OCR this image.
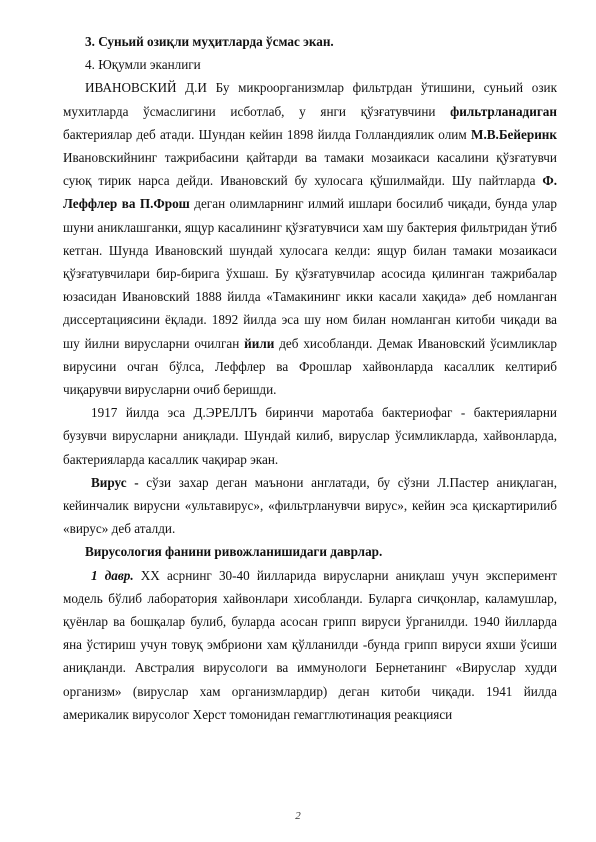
3. Суньий озиқли муҳитларда ўсмас экан.

4. Юқумли эканлиги

ИВАНОВСКИЙ Д.И Бу микроорганизмлар фильтрдан ўтишини, суньий озик мухитларда ўсмаслигини исботлаб, у янги қўзғатувчини фильтрланадиган бактериялар деб атади. Шундан кейин 1898 йилда Голландиялик олим М.В.Бейеринк Ивановскийнинг тажрибасини қайтарди ва тамаки мозаикаси касалини қўзғатувчи суюқ тирик нарса дейди. Ивановский бу хулосага қўшилмайди. Шу пайтларда Ф. Леффлер ва П.Фрош деган олимларнинг илмий ишлари босилиб чиқади, бунда улар шуни аниклашганки, ящур касалининг қўзғатувчиси хам шу бактерия фильтридан ўтиб кетган. Шунда Ивановский шундай хулосага келди: ящур билан тамаки мозаикаси қўзғатувчилари бир-бирига ўхшаш. Бу қўзғатувчилар асосида қилинган тажрибалар юзасидан Ивановский 1888 йилда «Тамакининг икки касали хақида» деб номланган диссертациясини ёқлади. 1892 йилда эса шу ном билан номланган китоби чиқади ва шу йилни вирусларни очилган йили деб хисобланди. Демак Ивановский ўсимликлар вирусини очган бўлса, Леффлер ва Фрошлар хайвонларда касаллик келтириб чиқарувчи вирусларни очиб беришди.

1917 йилда эса Д.ЭРЕЛЛЪ биринчи маротаба бактериофаг - бактерияларни бузувчи вирусларни аниқлади. Шундай килиб, вируслар ўсимликларда, хайвонларда, бактерияларда касаллик чақирар экан.

Вирус - сўзи захар деган маънони англатади, бу сўзни Л.Пастер аниқлаган, кейинчалик вирусни «ультавирус», «фильтрланувчи вирус», кейин эса қискартирилиб «вирус» деб аталди.

Вирусология фанини ривожланишидаги даврлар.

1 давр. XX асрнинг 30-40 йилларида вирусларни аниқлаш учун эксперимент модель бўлиб лаборатория хайвонлари хисобланди. Буларга сичқонлар, каламушлар, қуёнлар ва бошқалар булиб, буларда асосан грипп вируси ўрганилди. 1940 йилларда яна ўстириш учун товуқ эмбриони хам қўлланилди -бунда грипп вируси яхши ўсиши аниқланди. Австралия вирусологи ва иммунологи Бернетанинг «Вируслар худди организм» (вируслар хам организмлардир) деган китоби чиқади. 1941 йилда америкалик вирусолог Херст томонидан гемагглютинация реакцияси

2
